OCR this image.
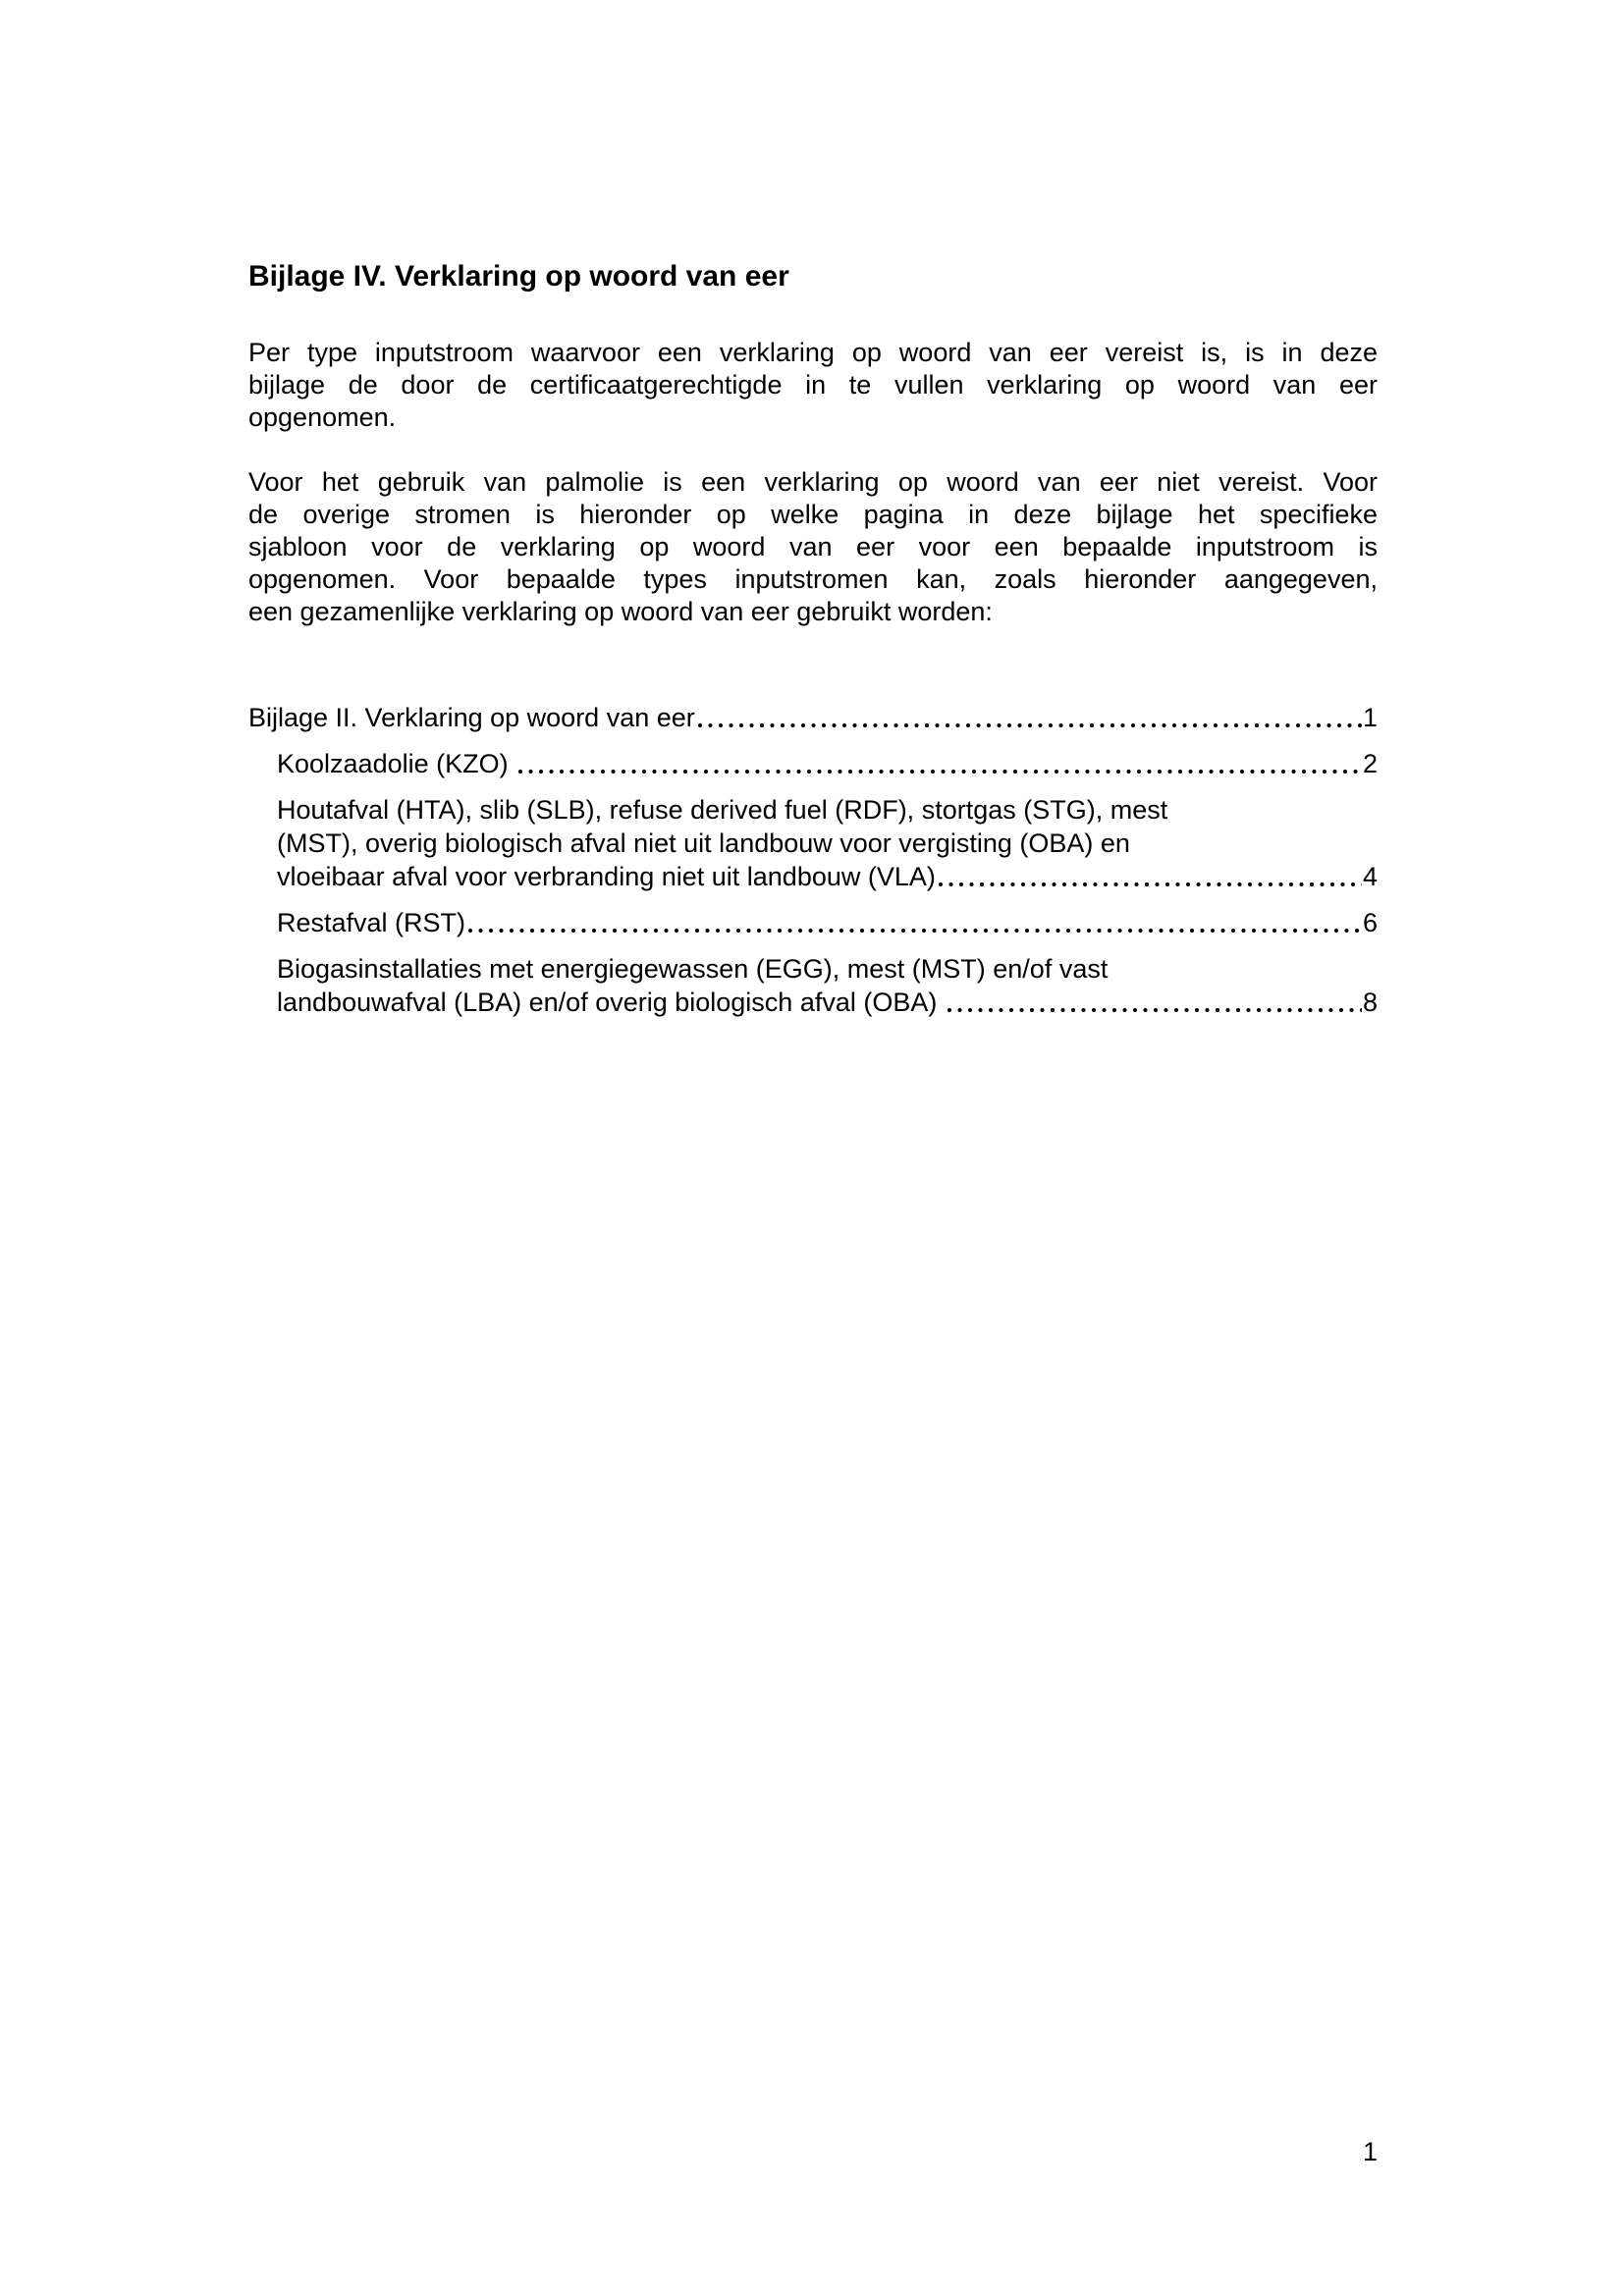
Bijlage IV. Verklaring op woord van eer
Per type inputstroom waarvoor een verklaring op woord van eer vereist is, is in deze
bijlage de door de certificaatgerechtigde in te vullen verklaring op woord van eer
opgenomen.
Voor het gebruik van palmolie is een verklaring op woord van eer niet vereist. Voor
de overige stromen is hieronder op welke pagina in deze bijlage het specifieke
sjabloon voor de verklaring op woord van eer voor een bepaalde inputstroom is
opgenomen. Voor bepaalde types inputstromen kan, zoals hieronder aangegeven,
een gezamenlijke verklaring op woord van eer gebruikt worden:
Bijlage II. Verklaring op woord van eer	1
Koolzaadolie (KZO)	2
Houtafval (HTA), slib (SLB), refuse derived fuel (RDF), stortgas (STG), mest
(MST), overig biologisch afval niet uit landbouw voor vergisting (OBA) en
vloeibaar afval voor verbranding niet uit landbouw (VLA)	4
Restafval (RST)	6
Biogasinstallaties met energiegewassen (EGG), mest (MST) en/of vast
landbouwafval (LBA) en/of overig biologisch afval (OBA)	8
1
